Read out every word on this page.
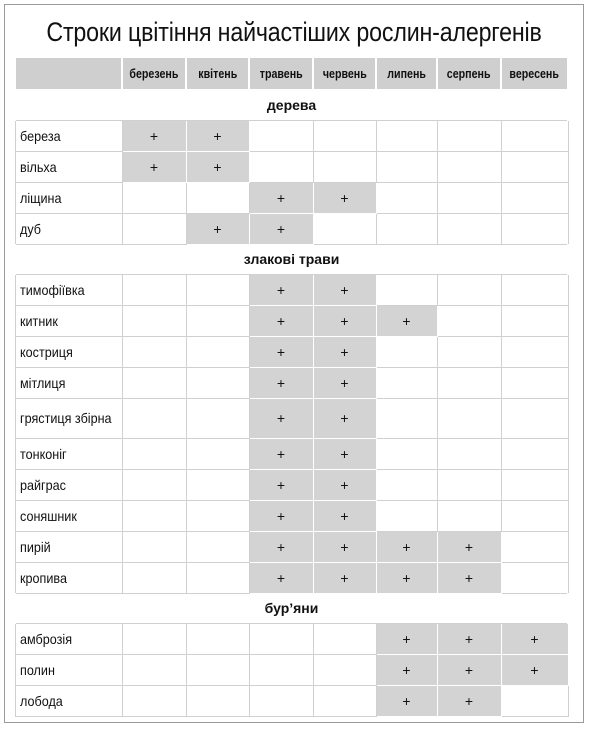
Строки цвітіння найчастіших рослин-алергенів
	березень	квітень	травень	червень	липень	серпень	вересень
дерева							
береза	+	+					
вільха	+	+					
ліщина			+	+			
дуб		+	+				
злакові трави							
тимофіївка			+	+			
китник			+	+	+		
костриця			+	+			
мітлиця			+	+			
грястиця збірна			+	+			
тонконіг			+	+			
райграс			+	+			
соняшник			+	+			
пирій			+	+	+	+	
кропива			+	+	+	+	
бур’яни							
амброзія					+	+	+
полин					+	+	+
лобода					+	+	
